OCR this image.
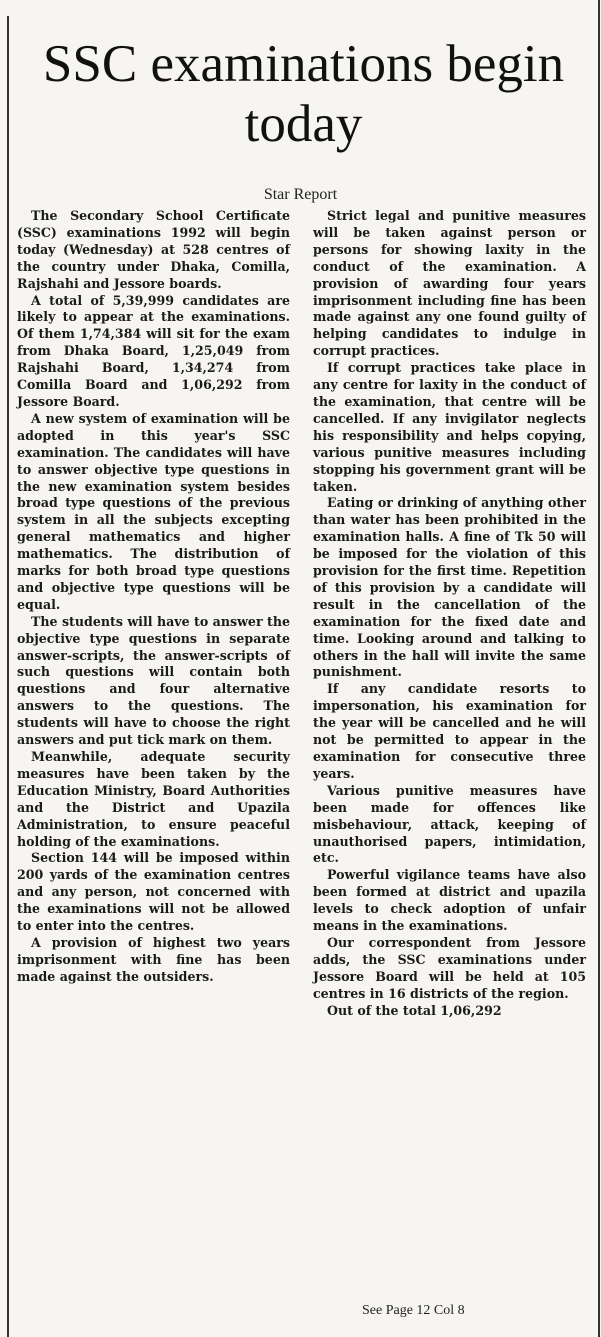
SSC examinations begin today
Star Report

The Secondary School Certificate (SSC) examinations 1992 will begin today (Wednesday) at 528 centres of the country under Dhaka, Comilla, Rajshahi and Jessore boards.

A total of 5,39,999 candidates are likely to appear at the examinations. Of them 1,74,384 will sit for the exam from Dhaka Board, 1,25,049 from Rajshahi Board, 1,34,274 from Comilla Board and 1,06,292 from Jessore Board.

A new system of examination will be adopted in this year's SSC examination. The candidates will have to answer objective type questions in the new examination system besides broad type questions of the previous system in all the subjects excepting general mathematics and higher mathematics. The distribution of marks for both broad type questions and objective type questions will be equal.

The students will have to answer the objective type questions in separate answer-scripts, the answer-scripts of such questions will contain both questions and four alternative answers to the questions. The students will have to choose the right answers and put tick mark on them.

Meanwhile, adequate security measures have been taken by the Education Ministry, Board Authorities and the District and Upazila Administration, to ensure peaceful holding of the examinations.

Section 144 will be imposed within 200 yards of the examination centres and any person, not concerned with the examinations will not be allowed to enter into the centres.

A provision of highest two years imprisonment with fine has been made against the outsiders.

Strict legal and punitive measures will be taken against person or persons for showing laxity in the conduct of the examination. A provision of awarding four years imprisonment including fine has been made against any one found guilty of helping candidates to indulge in corrupt practices.

If corrupt practices take place in any centre for laxity in the conduct of the examination, that centre will be cancelled. If any invigilator neglects his responsibility and helps copying, various punitive measures including stopping his government grant will be taken.

Eating or drinking of anything other than water has been prohibited in the examination halls. A fine of Tk 50 will be imposed for the violation of this provision for the first time. Repetition of this provision by a candidate will result in the cancellation of the examination for the fixed date and time. Looking around and talking to others in the hall will invite the same punishment.

If any candidate resorts to impersonation, his examination for the year will be cancelled and he will not be permitted to appear in the examination for consecutive three years.

Various punitive measures have been made for offences like misbehaviour, attack, keeping of unauthorised papers, intimidation, etc.

Powerful vigilance teams have also been formed at district and upazila levels to check adoption of unfair means in the examinations.

Our correspondent from Jessore adds, the SSC examinations under Jessore Board will be held at 105 centres in 16 districts of the region.

Out of the total 1,06,292

See Page 12 Col 8
